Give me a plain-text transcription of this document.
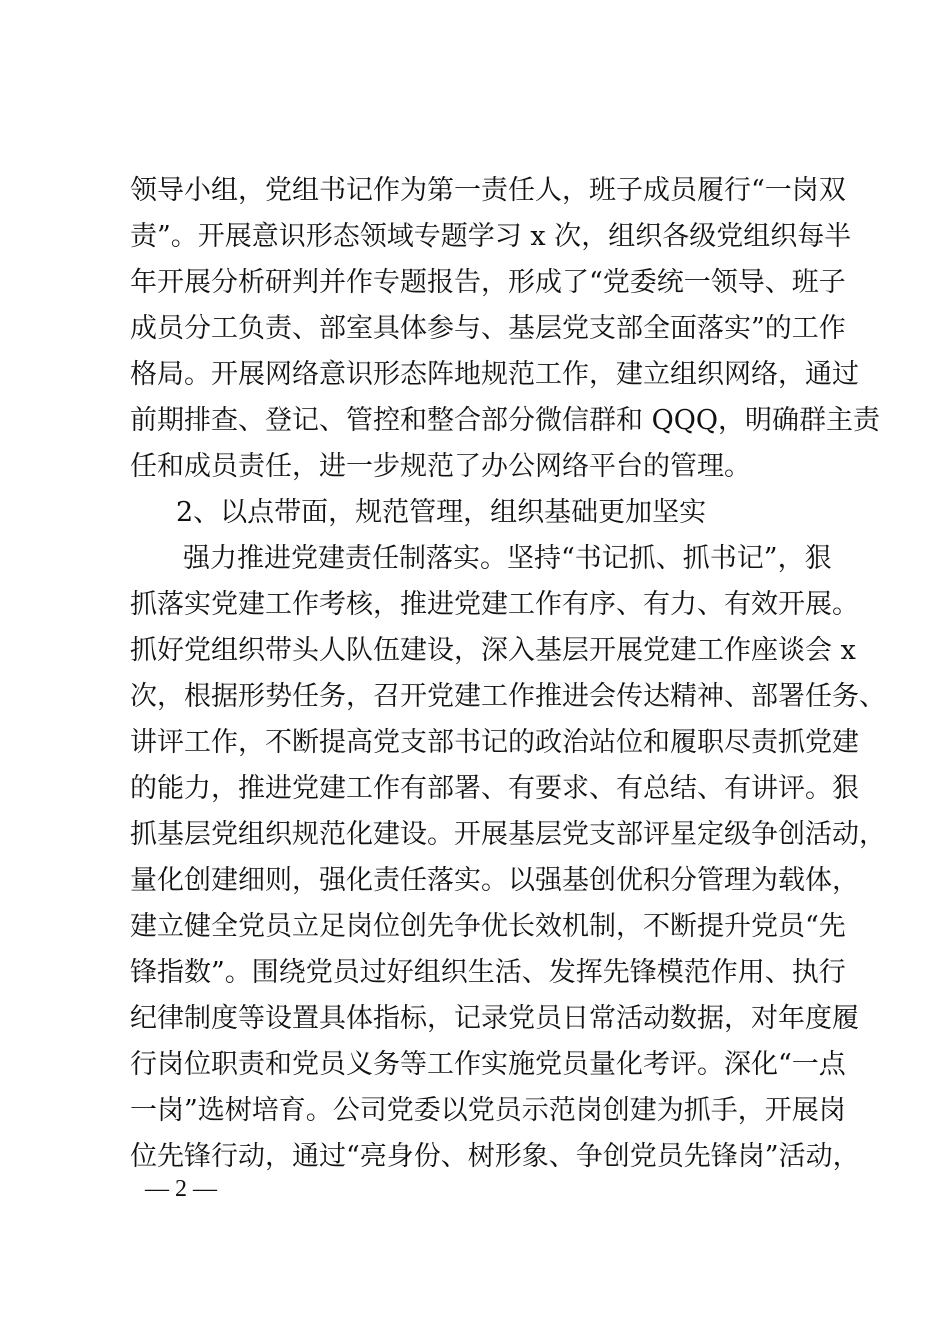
领导小组，党组书记作为第一责任人，班子成员履行“一岗双
责”。开展意识形态领域专题学习 x 次，组织各级党组织每半
年开展分析研判并作专题报告，形成了“党委统一领导、班子
成员分工负责、部室具体参与、基层党支部全面落实”的工作
格局。开展网络意识形态阵地规范工作，建立组织网络，通过
前期排查、登记、管控和整合部分微信群和 QQQ，明确群主责
任和成员责任，进一步规范了办公网络平台的管理。
2、以点带面，规范管理，组织基础更加坚实
强力推进党建责任制落实。坚持“书记抓、抓书记”，狠
抓落实党建工作考核，推进党建工作有序、有力、有效开展。
抓好党组织带头人队伍建设，深入基层开展党建工作座谈会 x
次，根据形势任务，召开党建工作推进会传达精神、部署任务、
讲评工作，不断提高党支部书记的政治站位和履职尽责抓党建
的能力，推进党建工作有部署、有要求、有总结、有讲评。狠
抓基层党组织规范化建设。开展基层党支部评星定级争创活动，
量化创建细则，强化责任落实。以强基创优积分管理为载体，
建立健全党员立足岗位创先争优长效机制，不断提升党员“先
锋指数”。围绕党员过好组织生活、发挥先锋模范作用、执行
纪律制度等设置具体指标，记录党员日常活动数据，对年度履
行岗位职责和党员义务等工作实施党员量化考评。深化“一点
一岗”选树培育。公司党委以党员示范岗创建为抓手，开展岗
位先锋行动，通过“亮身份、树形象、争创党员先锋岗”活动，
— 2 —
